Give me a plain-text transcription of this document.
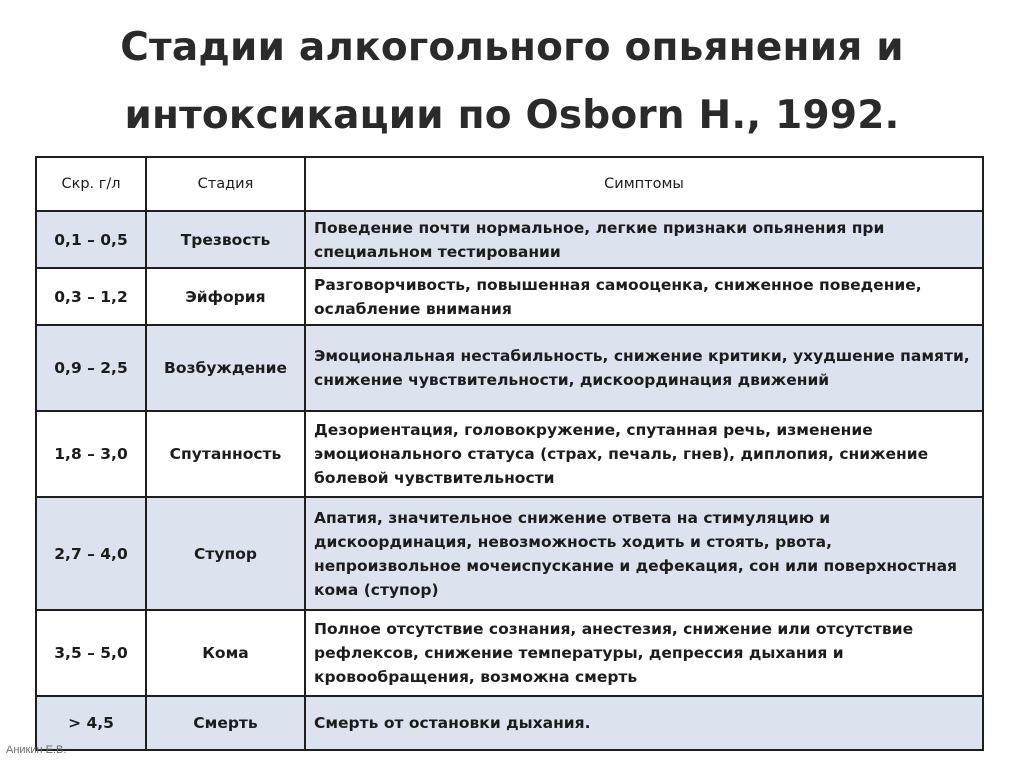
Стадии алкогольного опьянения и
интоксикации по Osborn H., 1992.
Скр. г/л	Стадия	Симптомы
0,1 – 0,5	Трезвость	Поведение почти нормальное, легкие признаки опьянения при специальном тестировании
0,3 – 1,2	Эйфория	Разговорчивость, повышенная самооценка, сниженное поведение, ослабление внимания
0,9 – 2,5	Возбуждение	Эмоциональная нестабильность, снижение критики, ухудшение памяти, снижение чувствительности, дискоординация движений
1,8 – 3,0	Спутанность	Дезориентация, головокружение, спутанная речь, изменение эмоционального статуса (страх, печаль, гнев), диплопия, снижение болевой чувствительности
2,7 – 4,0	Ступор	Апатия, значительное снижение ответа на стимуляцию и дискоординация, невозможность ходить и стоять, рвота, непроизвольное мочеиспускание и дефекация, сон или поверхностная кома (ступор)
3,5 – 5,0	Кома	Полное отсутствие сознания, анестезия, снижение или отсутствие рефлексов, снижение температуры, депрессия дыхания и кровообращения, возможна смерть
> 4,5	Смерть	Смерть от остановки дыхания.
Аникин Е.В.
